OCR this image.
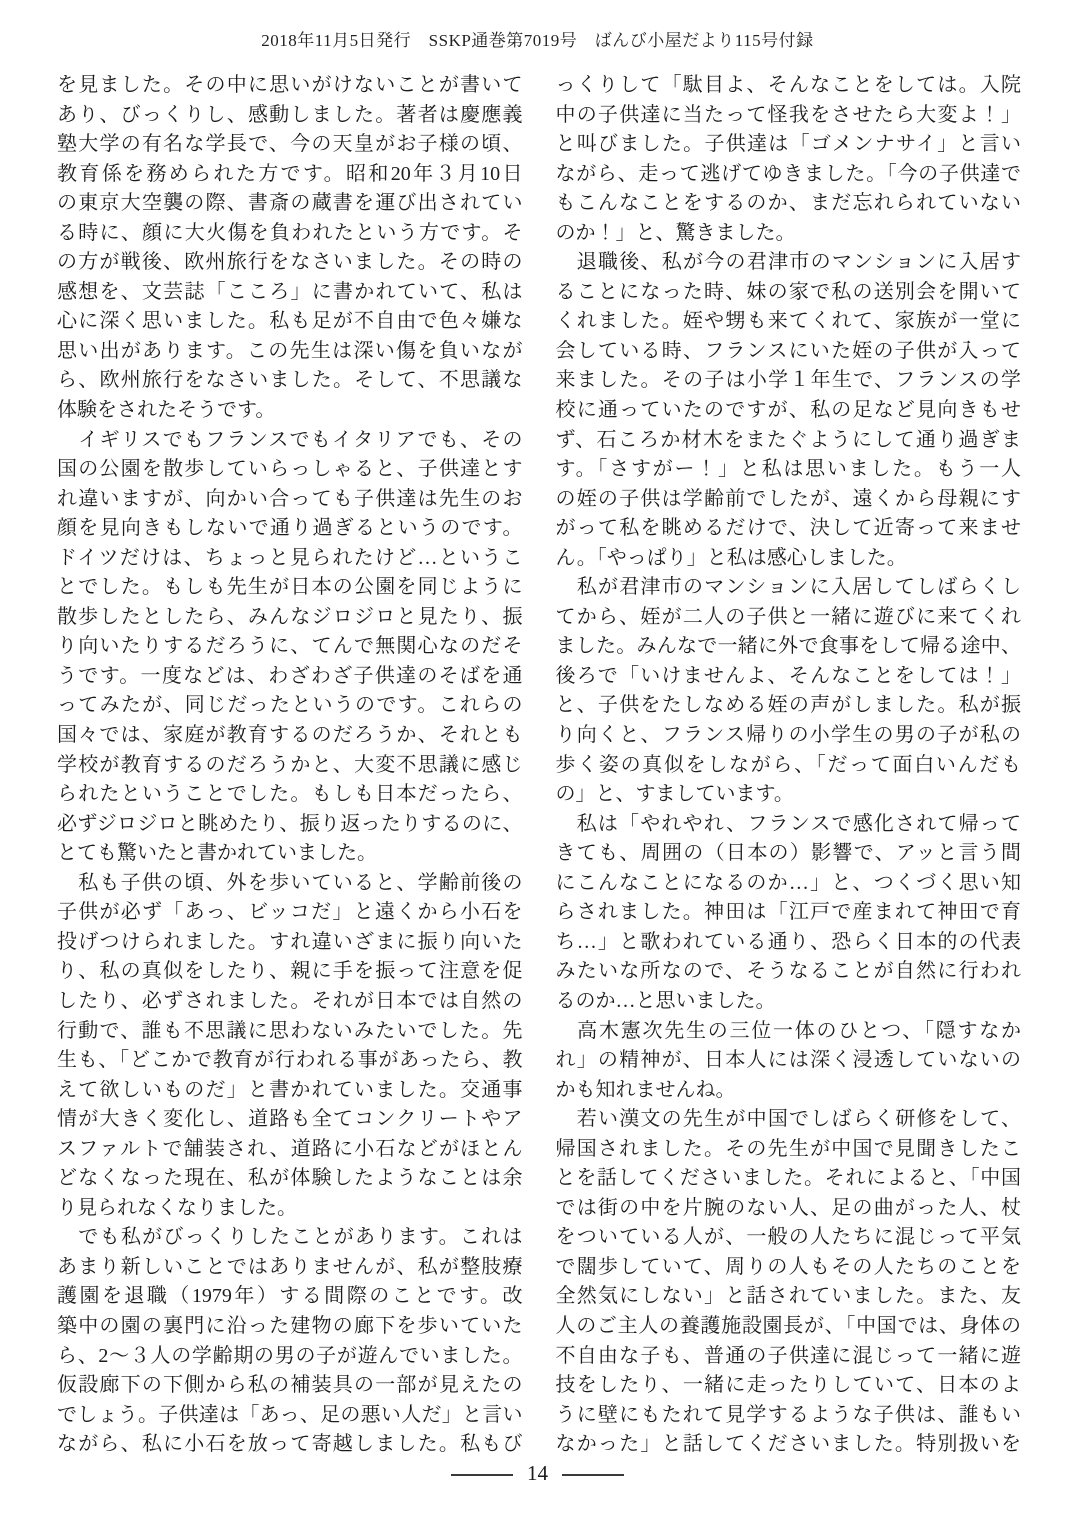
2018年11月5日発行　SSKP通巻第7019号　ばんび小屋だより115号付録
を見ました。その中に思いがけないことが書いて
あり、びっくりし、感動しました。著者は慶應義
塾大学の有名な学長で、今の天皇がお子様の頃、
教育係を務められた方です。昭和20年３月10日
の東京大空襲の際、書斎の蔵書を運び出されてい
る時に、顔に大火傷を負われたという方です。そ
の方が戦後、欧州旅行をなさいました。その時の
感想を、文芸誌「こころ」に書かれていて、私は
心に深く思いました。私も足が不自由で色々嫌な
思い出があります。この先生は深い傷を負いなが
ら、欧州旅行をなさいました。そして、不思議な
体験をされたそうです。
　イギリスでもフランスでもイタリアでも、その
国の公園を散歩していらっしゃると、子供達とす
れ違いますが、向かい合っても子供達は先生のお
顔を見向きもしないで通り過ぎるというのです。
ドイツだけは、ちょっと見られたけど…というこ
とでした。もしも先生が日本の公園を同じように
散歩したとしたら、みんなジロジロと見たり、振
り向いたりするだろうに、てんで無関心なのだそ
うです。一度などは、わざわざ子供達のそばを通
ってみたが、同じだったというのです。これらの
国々では、家庭が教育するのだろうか、それとも
学校が教育するのだろうかと、大変不思議に感じ
られたということでした。もしも日本だったら、
必ずジロジロと眺めたり、振り返ったりするのに、
とても驚いたと書かれていました。
　私も子供の頃、外を歩いていると、学齢前後の
子供が必ず「あっ、ビッコだ」と遠くから小石を
投げつけられました。すれ違いざまに振り向いた
り、私の真似をしたり、親に手を振って注意を促
したり、必ずされました。それが日本では自然の
行動で、誰も不思議に思わないみたいでした。先
生も、「どこかで教育が行われる事があったら、教
えて欲しいものだ」と書かれていました。交通事
情が大きく変化し、道路も全てコンクリートやア
スファルトで舗装され、道路に小石などがほとん
どなくなった現在、私が体験したようなことは余
り見られなくなりました。
　でも私がびっくりしたことがあります。これは
あまり新しいことではありませんが、私が整肢療
護園を退職（1979年）する間際のことです。改
築中の園の裏門に沿った建物の廊下を歩いていた
ら、2～３人の学齢期の男の子が遊んでいました。
仮設廊下の下側から私の補装具の一部が見えたの
でしょう。子供達は「あっ、足の悪い人だ」と言い
ながら、私に小石を放って寄越しました。私もび
っくりして「駄目よ、そんなことをしては。入院
中の子供達に当たって怪我をさせたら大変よ！」
と叫びました。子供達は「ゴメンナサイ」と言い
ながら、走って逃げてゆきました。「今の子供達で
もこんなことをするのか、まだ忘れられていない
のか！」と、驚きました。
　退職後、私が今の君津市のマンションに入居す
ることになった時、妹の家で私の送別会を開いて
くれました。姪や甥も来てくれて、家族が一堂に
会している時、フランスにいた姪の子供が入って
来ました。その子は小学１年生で、フランスの学
校に通っていたのですが、私の足など見向きもせ
ず、石ころか材木をまたぐようにして通り過ぎま
す。「さすがー！」と私は思いました。もう一人
の姪の子供は学齢前でしたが、遠くから母親にす
がって私を眺めるだけで、決して近寄って来ませ
ん。「やっぱり」と私は感心しました。
　私が君津市のマンションに入居してしばらくし
てから、姪が二人の子供と一緒に遊びに来てくれ
ました。みんなで一緒に外で食事をして帰る途中、
後ろで「いけませんよ、そんなことをしては！」
と、子供をたしなめる姪の声がしました。私が振
り向くと、フランス帰りの小学生の男の子が私の
歩く姿の真似をしながら、「だって面白いんだも
の」と、すましています。
　私は「やれやれ、フランスで感化されて帰って
きても、周囲の（日本の）影響で、アッと言う間
にこんなことになるのか…」と、つくづく思い知
らされました。神田は「江戸で産まれて神田で育
ち…」と歌われている通り、恐らく日本的の代表
みたいな所なので、そうなることが自然に行われ
るのか…と思いました。
　高木憲次先生の三位一体のひとつ、「隠すなか
れ」の精神が、日本人には深く浸透していないの
かも知れませんね。
　若い漢文の先生が中国でしばらく研修をして、
帰国されました。その先生が中国で見聞きしたこ
とを話してくださいました。それによると、「中国
では街の中を片腕のない人、足の曲がった人、杖
をついている人が、一般の人たちに混じって平気
で闊歩していて、周りの人もその人たちのことを
全然気にしない」と話されていました。また、友
人のご主人の養護施設園長が、「中国では、身体の
不自由な子も、普通の子供達に混じって一緒に遊
技をしたり、一緒に走ったりしていて、日本のよ
うに壁にもたれて見学するような子供は、誰もい
なかった」と話してくださいました。特別扱いを
14
